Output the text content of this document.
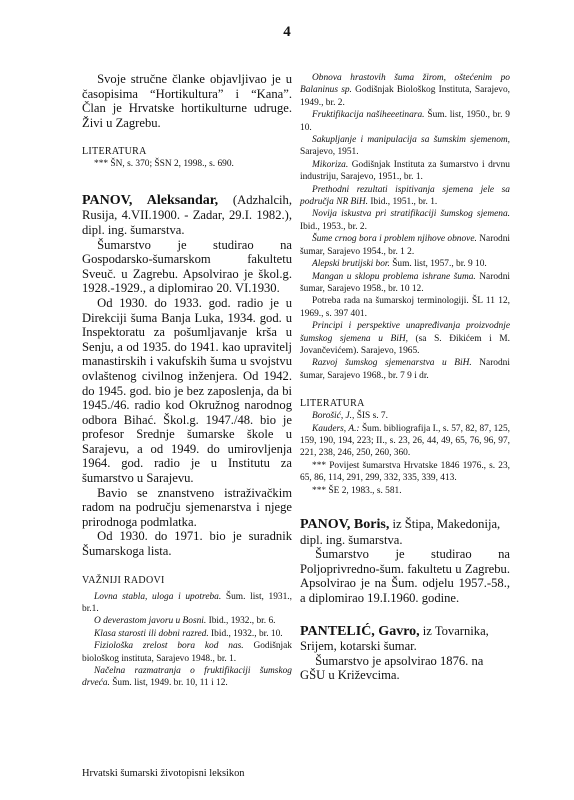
4

Svoje stručne članke objavljivao je u časopisima “Hortikultura” i “Kana”. Član je Hrvatske hortikulturne udruge. Živi u Zagrebu.

LITERATURA

*** ŠN, s. 370; ŠSN 2, 1998., s. 690.

PANOV, Aleksandar, (Adzhalcih, Rusija, 4.VII.1900. - Zadar, 29.I. 1982.), dipl. ing. šumarstva.

Šumarstvo je studirao na Gospodarsko-šumarskom fakultetu Sveuč. u Zagrebu. Apsolvirao je škol.g. 1928.-1929., a diplomirao 20. VI.1930.

Od 1930. do 1933. god. radio je u Direkciji šuma Banja Luka, 1934. god. u Inspektoratu za pošumljavanje krša u Senju, a od 1935. do 1941. kao upravitelj manastirskih i vakufskih šuma u svojstvu ovlaštenog civilnog inženjera. Od 1942. do 1945. god. bio je bez zaposlenja, da bi 1945./46. radio kod Okružnog narodnog odbora Bihać. Škol.g. 1947./48. bio je profesor Srednje šumarske škole u Sarajevu, a od 1949. do umirovljenja 1964. god. radio je u Institutu za šumarstvo u Sarajevu.

Bavio se znanstveno istraživačkim radom na području sjemenarstva i njege prirodnoga podmlatka.

Od 1930. do 1971. bio je suradnik Šumarskoga lista.

VAŽNIJI RADOVI

Lovna stabla, uloga i upotreba. Šum. list, 1931., br.1.

O deverastom javoru u Bosni. Ibid., 1932., br. 6.

Klasa starosti ili dobni razred. Ibid., 1932., br. 10.

Fiziološka zrelost bora kod nas. Godišnjak biološkog instituta, Sarajevo 1948., br. 1.

Načelna razmatranja o fruktifikaciji šumskog drveća. Šum. list, 1949. br. 10, 11 i 12.

Obnova hrastovih šuma žirom, oštećenim po Balaninus sp. Godišnjak Biološkog Instituta, Sarajevo, 1949., br. 2.

Fruktifikacija našiheeetinara. Šum. list, 1950., br. 9 10.

Sakupljanje i manipulacija sa šumskim sjemenom, Sarajevo, 1951.

Mikoriza. Godišnjak Instituta za šumarstvo i drvnu industriju, Sarajevo, 1951., br. 1.

Prethodni rezultati ispitivanja sjemena jele sa područja NR BiH. Ibid., 1951., br. 1.

Novija iskustva pri stratifikaciji šumskog sjemena. Ibid., 1953., br. 2.

Šume crnog bora i problem njihove obnove. Narodni šumar, Sarajevo 1954., br. 1 2.

Alepski brutijski bor. Šum. list, 1957., br. 9 10.

Mangan u sklopu problema ishrane šuma. Narodni šumar, Sarajevo 1958., br. 10 12.

Potreba rada na šumarskoj terminologiji. ŠL 11 12, 1969., s. 397 401.

Principi i perspektive unapređivanja proizvodnje šumskog sjemena u BiH, (sa S. Đikićem i M. Jovančevićem). Sarajevo, 1965.

Razvoj šumskog sjemenarstva u BiH. Narodni šumar, Sarajevo 1968., br. 7 9 i dr.

LITERATURA

Borošić, J., ŠIS s. 7.

Kauders, A.: Šum. bibliografija I., s. 57, 82, 87, 125, 159, 190, 194, 223; II., s. 23, 26, 44, 49, 65, 76, 96, 97, 221, 238, 246, 250, 260, 360.

*** Povijest šumarstva Hrvatske 1846 1976., s. 23, 65, 86, 114, 291, 299, 332, 335, 339, 413.

*** ŠE 2, 1983., s. 581.

PANOV, Boris, iz Štipa, Makedonija, dipl. ing. šumarstva.

Šumarstvo je studirao na Poljoprivredno-šum. fakultetu u Zagrebu. Apsolvirao je na Šum. odjelu 1957.-58., a diplomirao 19.I.1960. godine.

PANTELIĆ, Gavro, iz Tovarnika, Srijem, kotarski šumar.

Šumarstvo je apsolvirao 1876. na GŠU u Križevcima.

Hrvatski šumarski životopisni leksikon
